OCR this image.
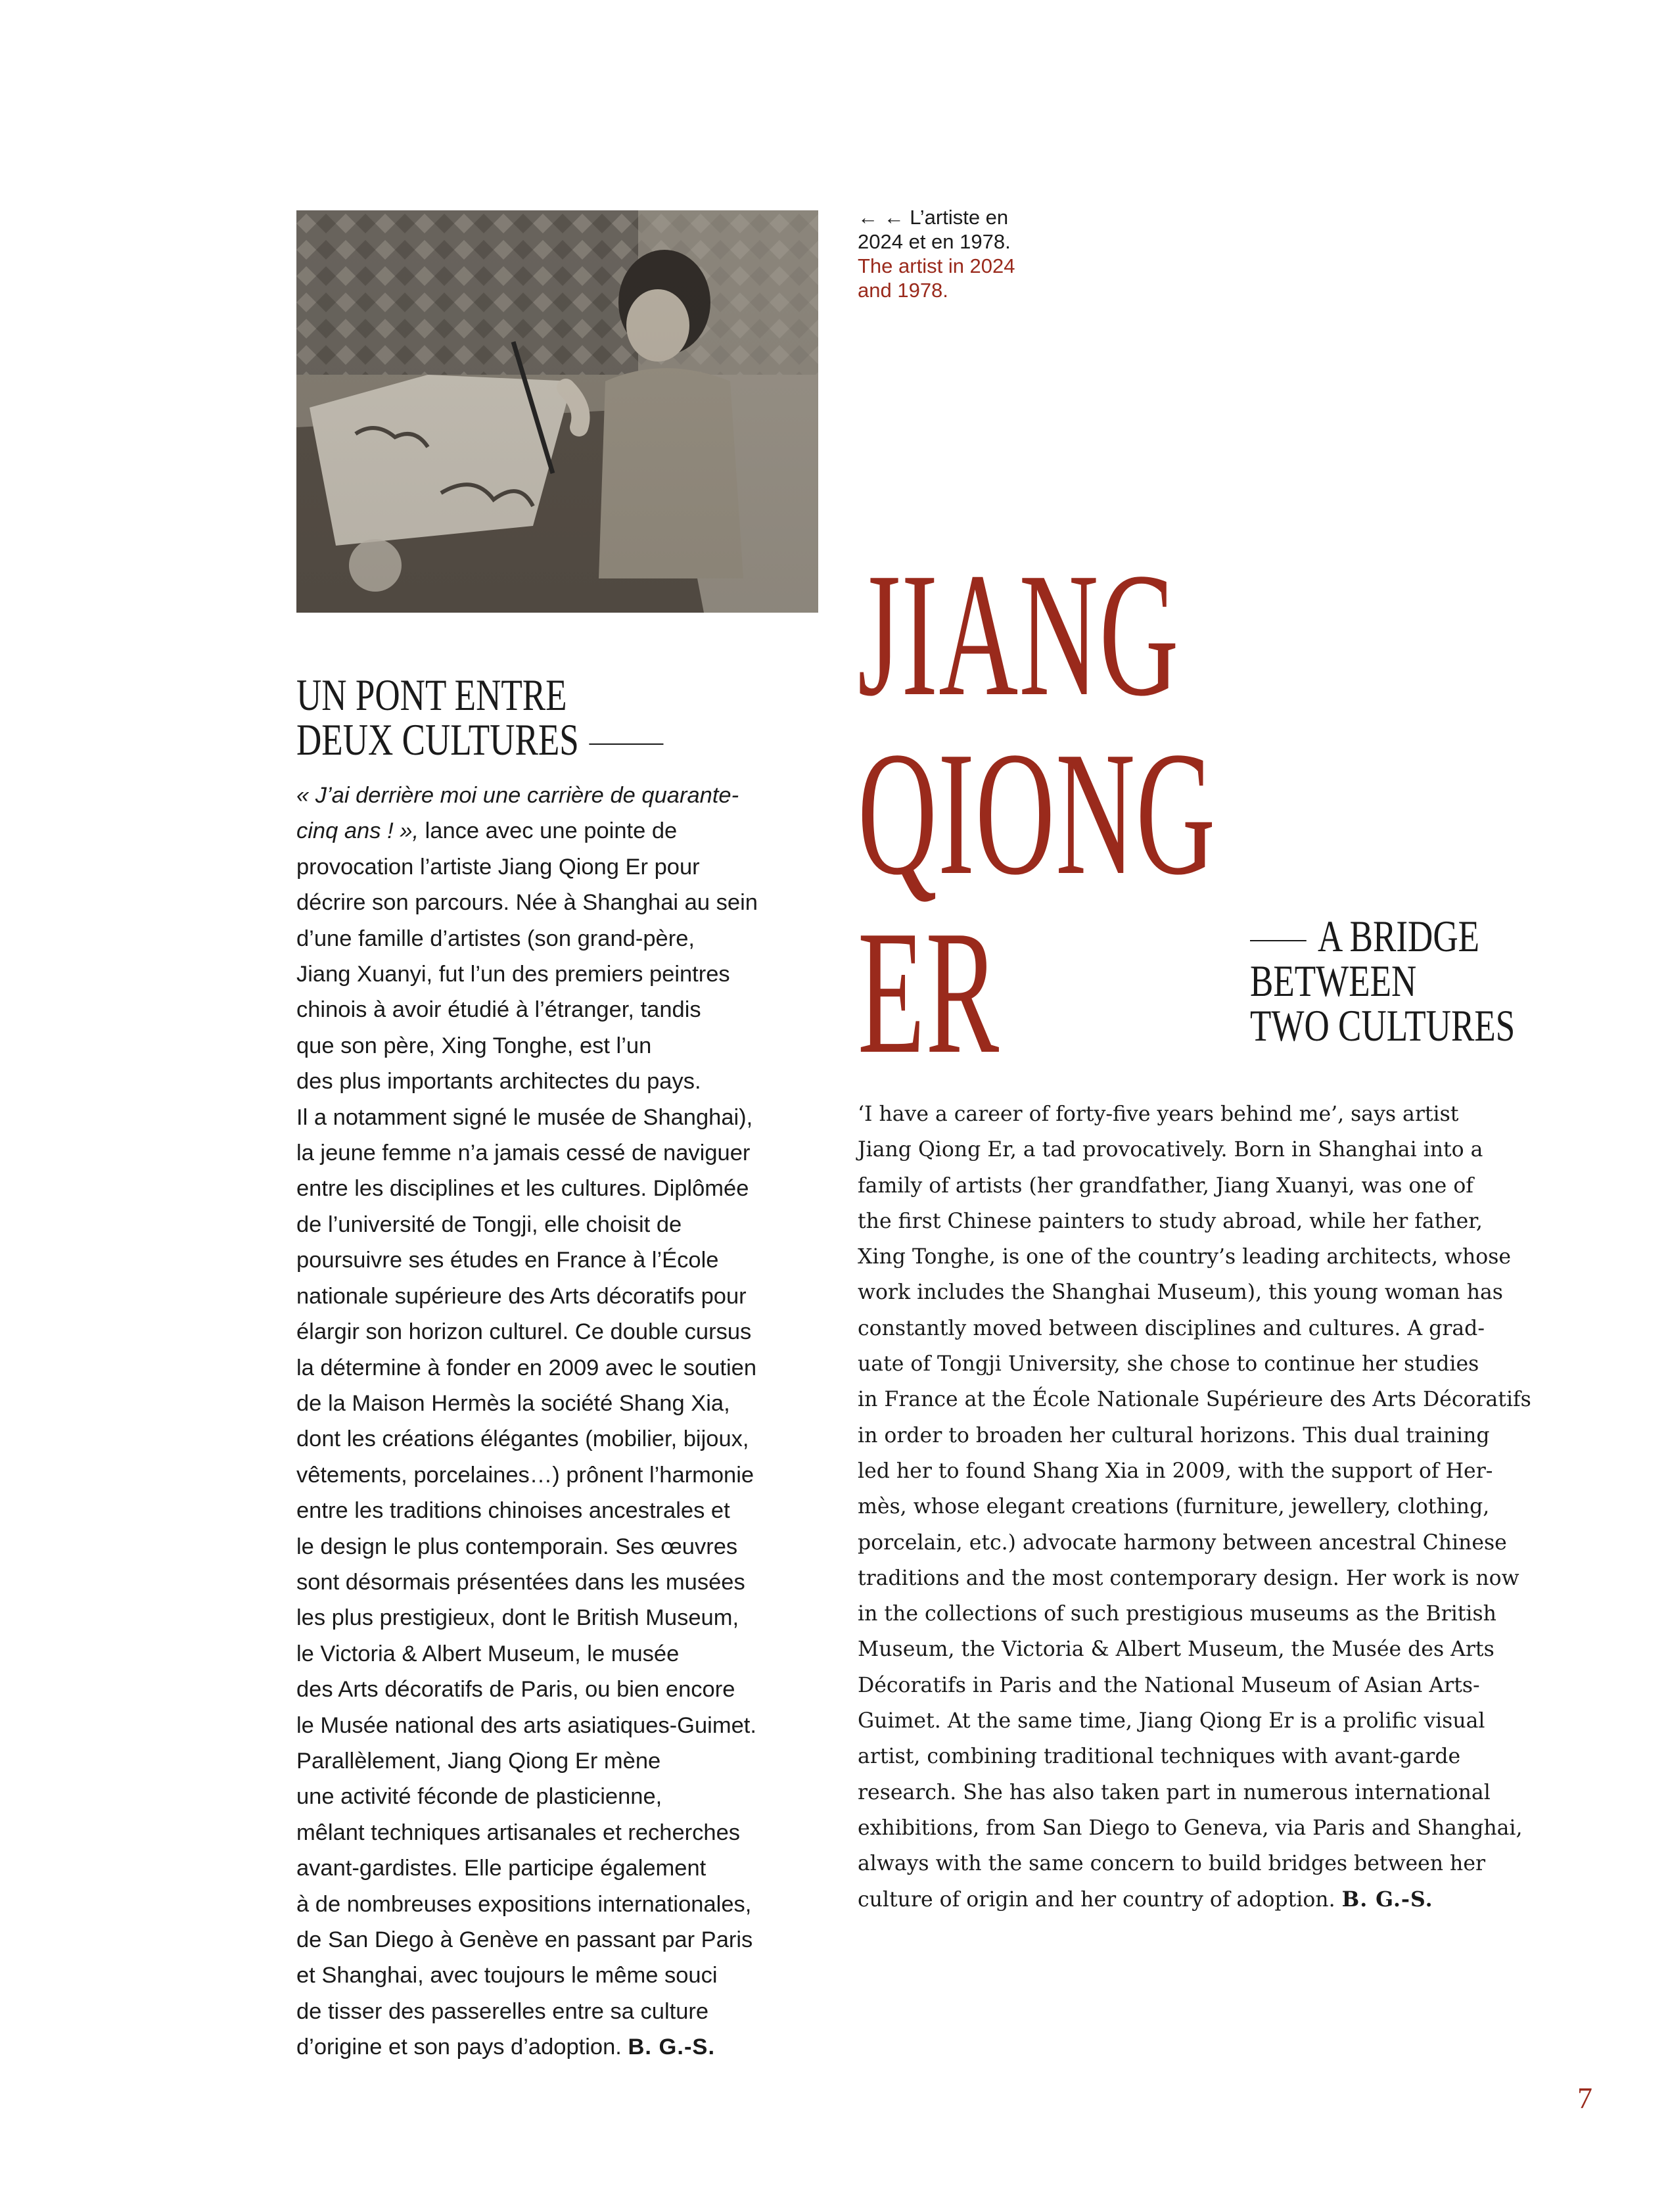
← ← L’artiste en
2024 et en 1978.
The artist in 2024
and 1978.
JIANG
QIONG
ER
UN PONT ENTRE
DEUX CULTURES
A BRIDGE
BETWEEN
TWO CULTURES
« J’ai derrière moi une carrière de quarante-
cinq ans ! », lance avec une pointe de
provocation l’artiste Jiang Qiong Er pour
décrire son parcours. Née à Shanghai au sein
d’une famille d’artistes (son grand-père,
Jiang Xuanyi, fut l’un des premiers peintres
chinois à avoir étudié à l’étranger, tandis
que son père, Xing Tonghe, est l’un
des plus importants architectes du pays.
Il a notamment signé le musée de Shanghai),
la jeune femme n’a jamais cessé de naviguer
entre les disciplines et les cultures. Diplômée
de l’université de Tongji, elle choisit de
poursuivre ses études en France à l’École
nationale supérieure des Arts décoratifs pour
élargir son horizon culturel. Ce double cursus
la détermine à fonder en 2009 avec le soutien
de la Maison Hermès la société Shang Xia,
dont les créations élégantes (mobilier, bijoux,
vêtements, porcelaines…) prônent l’harmonie
entre les traditions chinoises ancestrales et
le design le plus contemporain. Ses œuvres
sont désormais présentées dans les musées
les plus prestigieux, dont le British Museum,
le Victoria & Albert Museum, le musée
des Arts décoratifs de Paris, ou bien encore
le Musée national des arts asiatiques-Guimet.
Parallèlement, Jiang Qiong Er mène
une activité féconde de plasticienne,
mêlant techniques artisanales et recherches
avant-gardistes. Elle participe également
à de nombreuses expositions internationales,
de San Diego à Genève en passant par Paris
et Shanghai, avec toujours le même souci
de tisser des passerelles entre sa culture
d’origine et son pays d’adoption. B. G.-S.
‘I have a career of forty-five years behind me’, says artist
Jiang Qiong Er, a tad provocatively. Born in Shanghai into a
family of artists (her grandfather, Jiang Xuanyi, was one of
the first Chinese painters to study abroad, while her father,
Xing Tonghe, is one of the country’s leading architects, whose
work includes the Shanghai Museum), this young woman has
constantly moved between disciplines and cultures. A grad-
uate of Tongji University, she chose to continue her studies
in France at the École Nationale Supérieure des Arts Décoratifs
in order to broaden her cultural horizons. This dual training
led her to found Shang Xia in 2009, with the support of Her-
mès, whose elegant creations (furniture, jewellery, clothing,
porcelain, etc.) advocate harmony between ancestral Chinese
traditions and the most contemporary design. Her work is now
in the collections of such prestigious museums as the British
Museum, the Victoria & Albert Museum, the Musée des Arts
Décoratifs in Paris and the National Museum of Asian Arts-
Guimet. At the same time, Jiang Qiong Er is a prolific visual
artist, combining traditional techniques with avant-garde
research. She has also taken part in numerous international
exhibitions, from San Diego to Geneva, via Paris and Shanghai,
always with the same concern to build bridges between her
culture of origin and her country of adoption. B. G.-S.
7
